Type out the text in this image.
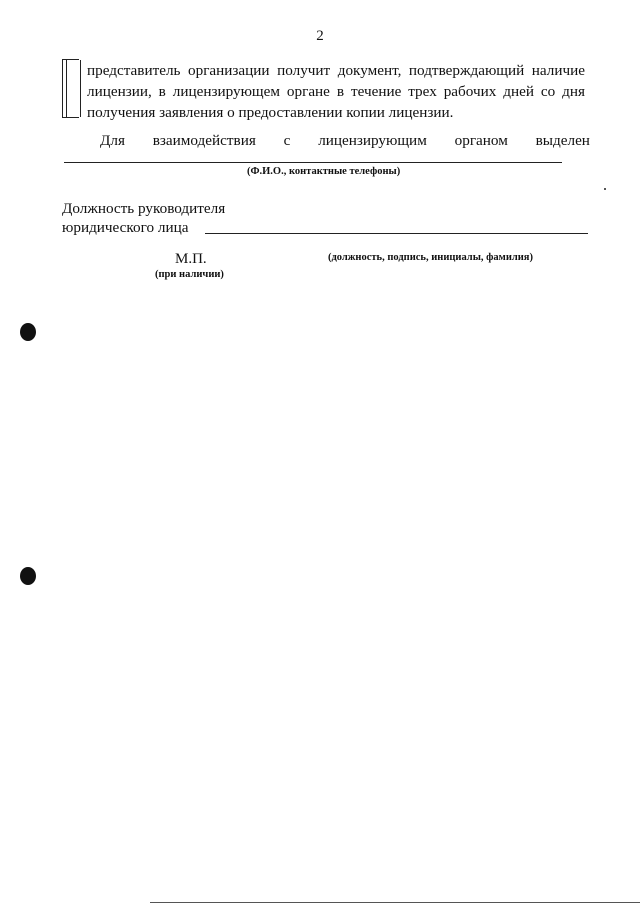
2
представитель организации получит документ, подтверждающий наличие
лицензии, в лицензирующем органе в течение трех рабочих дней со дня
получения заявления о предоставлении копии лицензии.
Для взаимодействия с лицензирующим органом выделен
(Ф.И.О., контактные телефоны)
Должность руководителя
юридического лица
(должность, подпись, инициалы, фамилия)
М.П.
(при наличии)
